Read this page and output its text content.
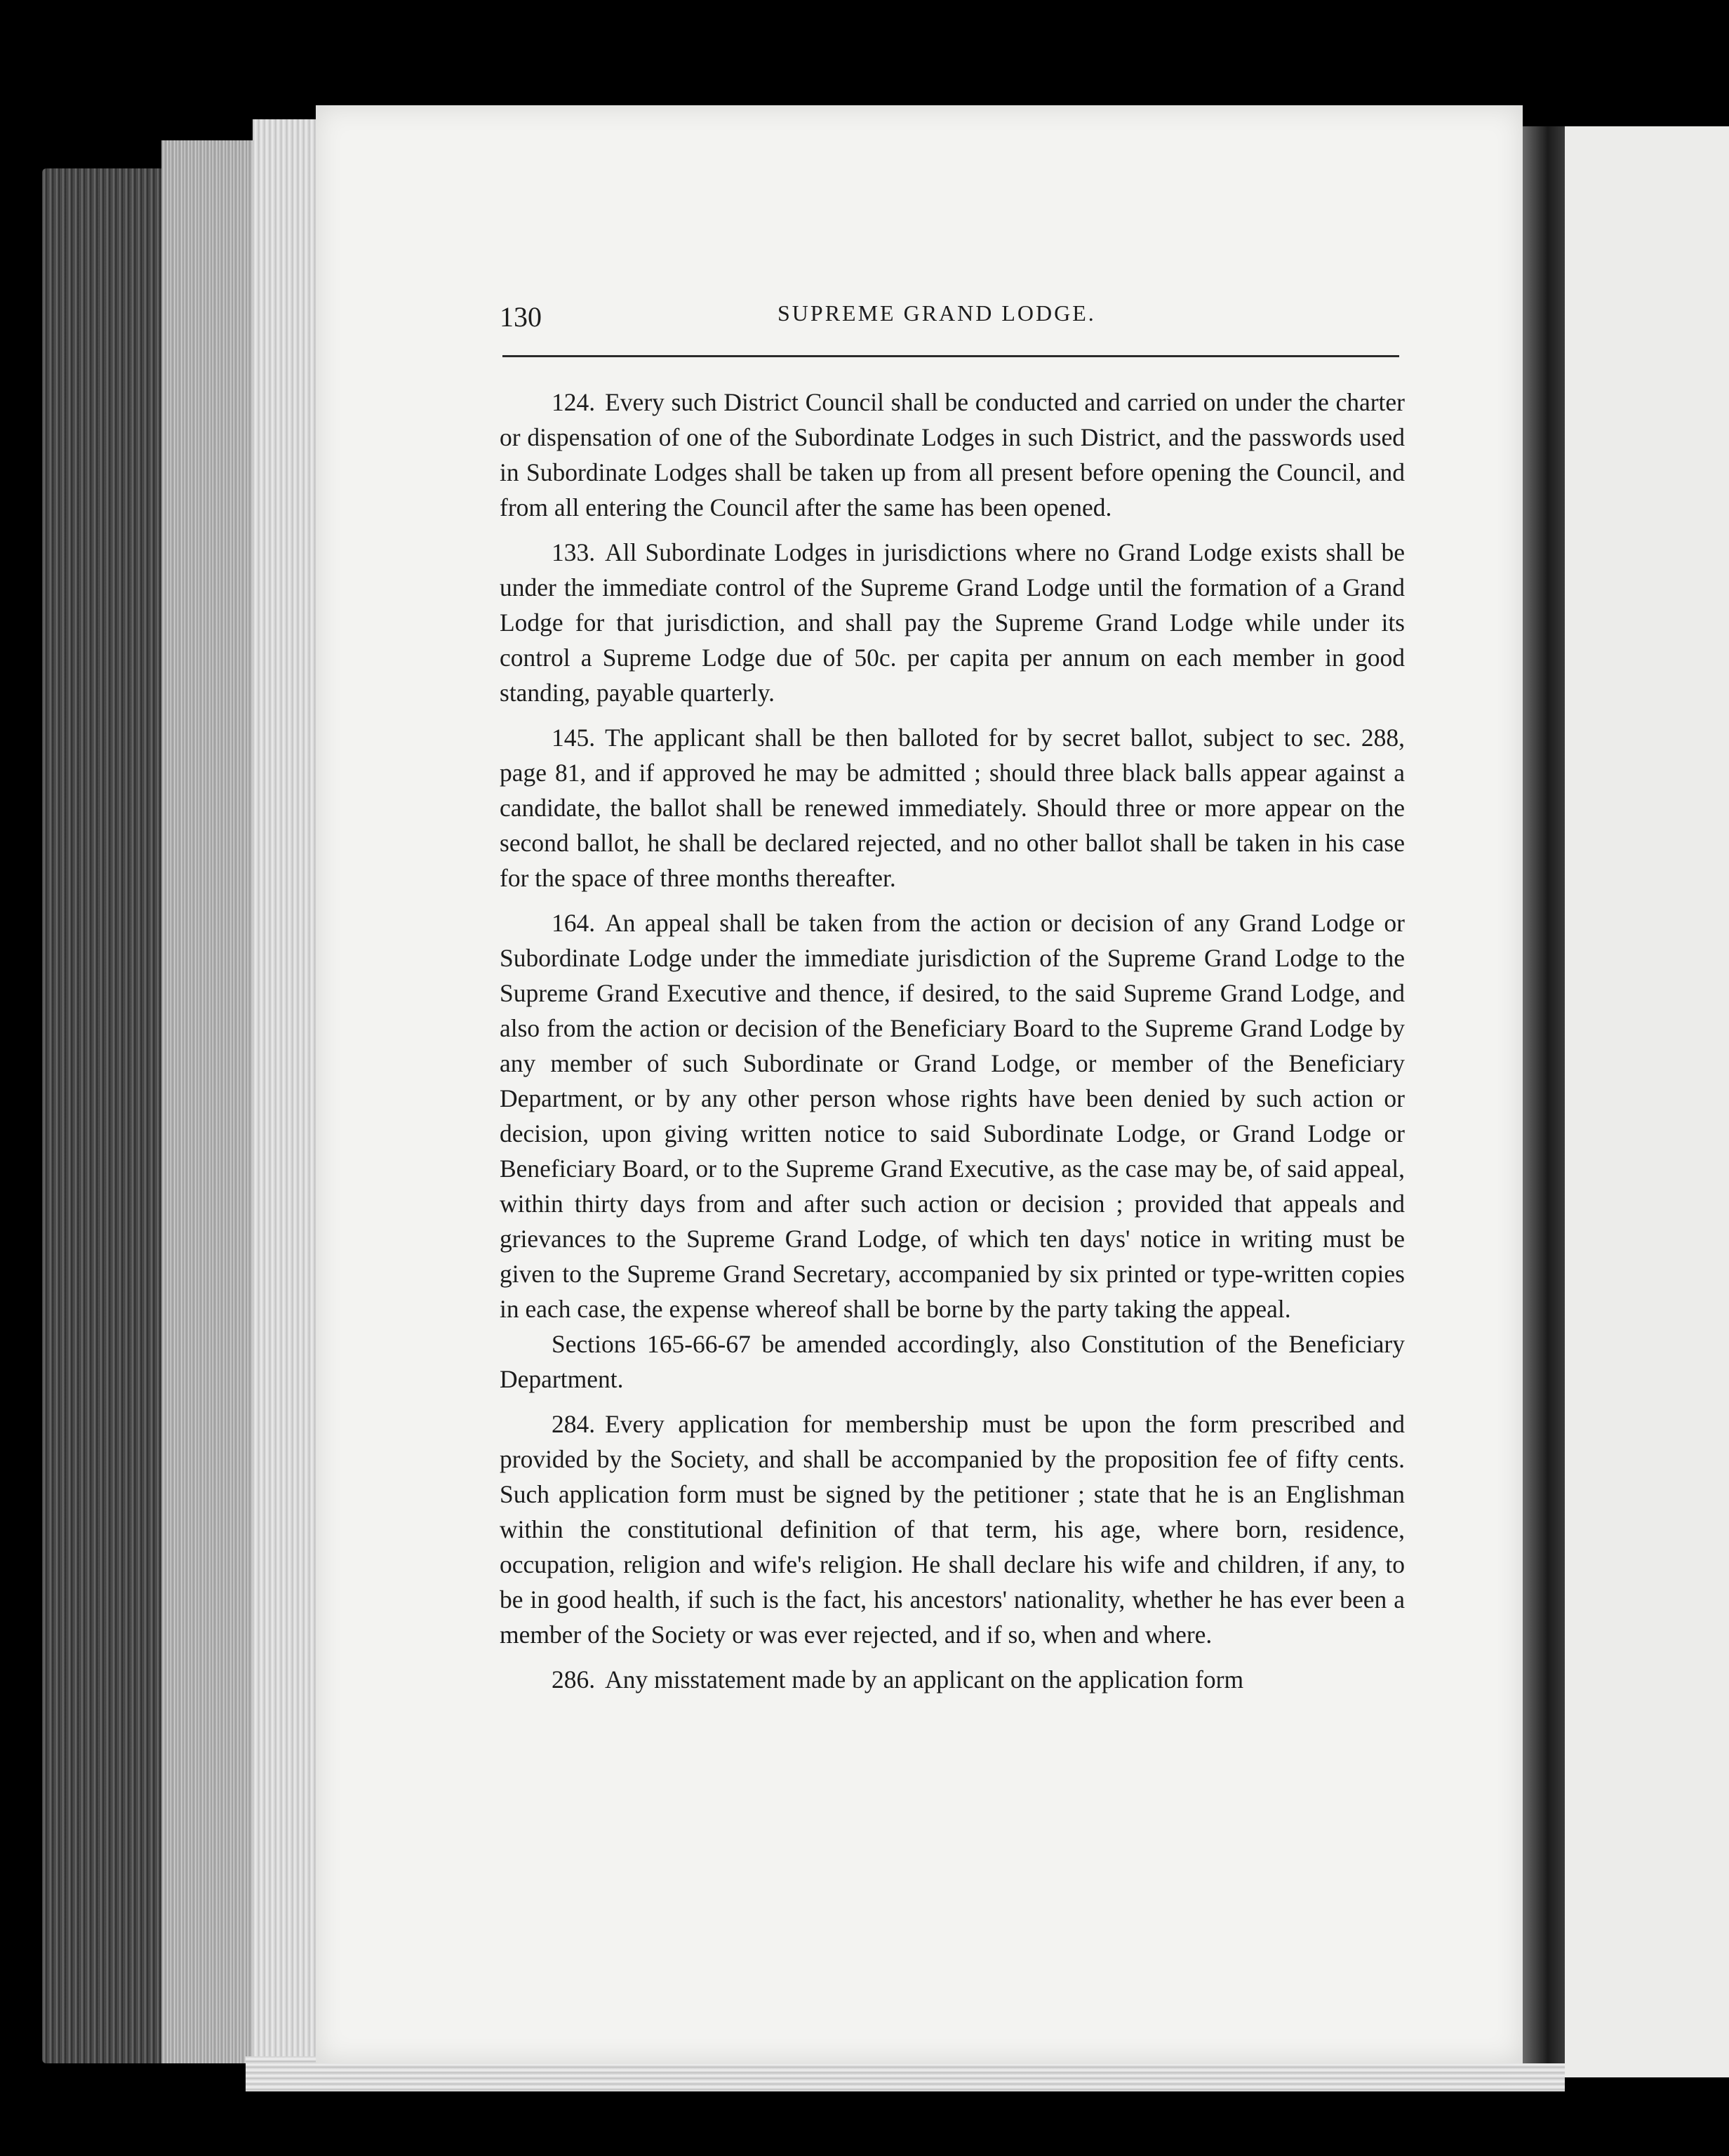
130	SUPREME GRAND LODGE.

124. Every such District Council shall be conducted and carried on under the charter or dispensation of one of the Subordinate Lodges in such District, and the passwords used in Subordinate Lodges shall be taken up from all present before opening the Council, and from all entering the Council after the same has been opened.

133. All Subordinate Lodges in jurisdictions where no Grand Lodge exists shall be under the immediate control of the Supreme Grand Lodge until the formation of a Grand Lodge for that jurisdiction, and shall pay the Supreme Grand Lodge while under its control a Supreme Lodge due of 50c. per capita per annum on each member in good standing, payable quarterly.

145. The applicant shall be then balloted for by secret ballot, subject to sec. 288, page 81, and if approved he may be admitted ; should three black balls appear against a candidate, the ballot shall be renewed immediately. Should three or more appear on the second ballot, he shall be declared rejected, and no other ballot shall be taken in his case for the space of three months thereafter.

164. An appeal shall be taken from the action or decision of any Grand Lodge or Subordinate Lodge under the immediate jurisdiction of the Supreme Grand Lodge to the Supreme Grand Executive and thence, if desired, to the said Supreme Grand Lodge, and also from the action or decision of the Beneficiary Board to the Supreme Grand Lodge by any member of such Subordinate or Grand Lodge, or member of the Beneficiary Department, or by any other person whose rights have been denied by such action or decision, upon giving written notice to said Subordinate Lodge, or Grand Lodge or Beneficiary Board, or to the Supreme Grand Executive, as the case may be, of said appeal, within thirty days from and after such action or decision ; provided that appeals and grievances to the Supreme Grand Lodge, of which ten days' notice in writing must be given to the Supreme Grand Secretary, accompanied by six printed or type-written copies in each case, the expense whereof shall be borne by the party taking the appeal.

Sections 165-66-67 be amended accordingly, also Constitution of the Beneficiary Department.

284. Every application for membership must be upon the form prescribed and provided by the Society, and shall be accompanied by the proposition fee of fifty cents. Such application form must be signed by the petitioner ; state that he is an Englishman within the constitutional definition of that term, his age, where born, residence, occupation, religion and wife's religion. He shall declare his wife and children, if any, to be in good health, if such is the fact, his ancestors' nationality, whether he has ever been a member of the Society or was ever rejected, and if so, when and where.

286. Any misstatement made by an applicant on the application form
